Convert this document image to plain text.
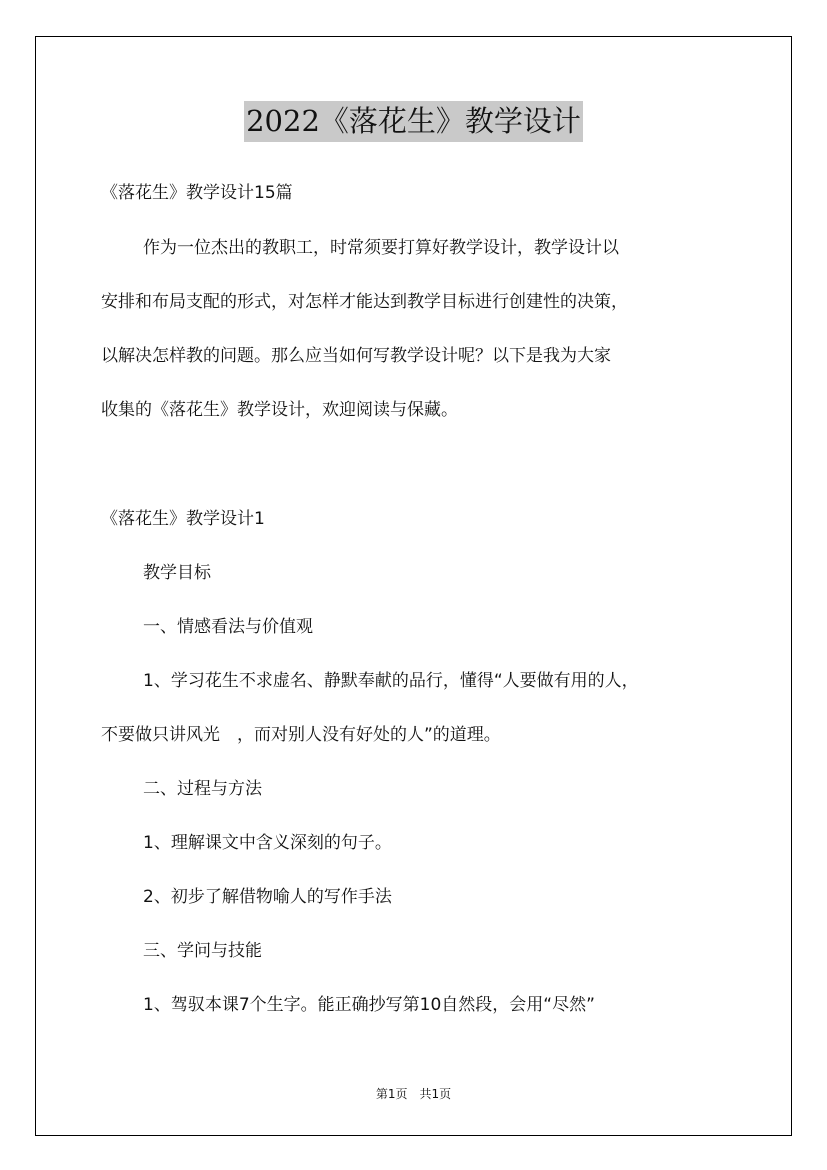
2022《落花生》教学设计
《落花生》教学设计15篇
作为一位杰出的教职工，时常须要打算好教学设计，教学设计以
安排和布局支配的形式，对怎样才能达到教学目标进行创建性的决策，
以解决怎样教的问题。那么应当如何写教学设计呢？以下是我为大家
收集的《落花生》教学设计，欢迎阅读与保藏。
《落花生》教学设计1
教学目标
一、情感看法与价值观
1、学习花生不求虚名、静默奉献的品行，懂得“人要做有用的人，
不要做只讲风光　，而对别人没有好处的人”的道理。
二、过程与方法
1、理解课文中含义深刻的句子。
2、初步了解借物喻人的写作手法
三、学问与技能
1、驾驭本课7个生字。能正确抄写第10自然段，会用“尽然”
第1页　共1页
